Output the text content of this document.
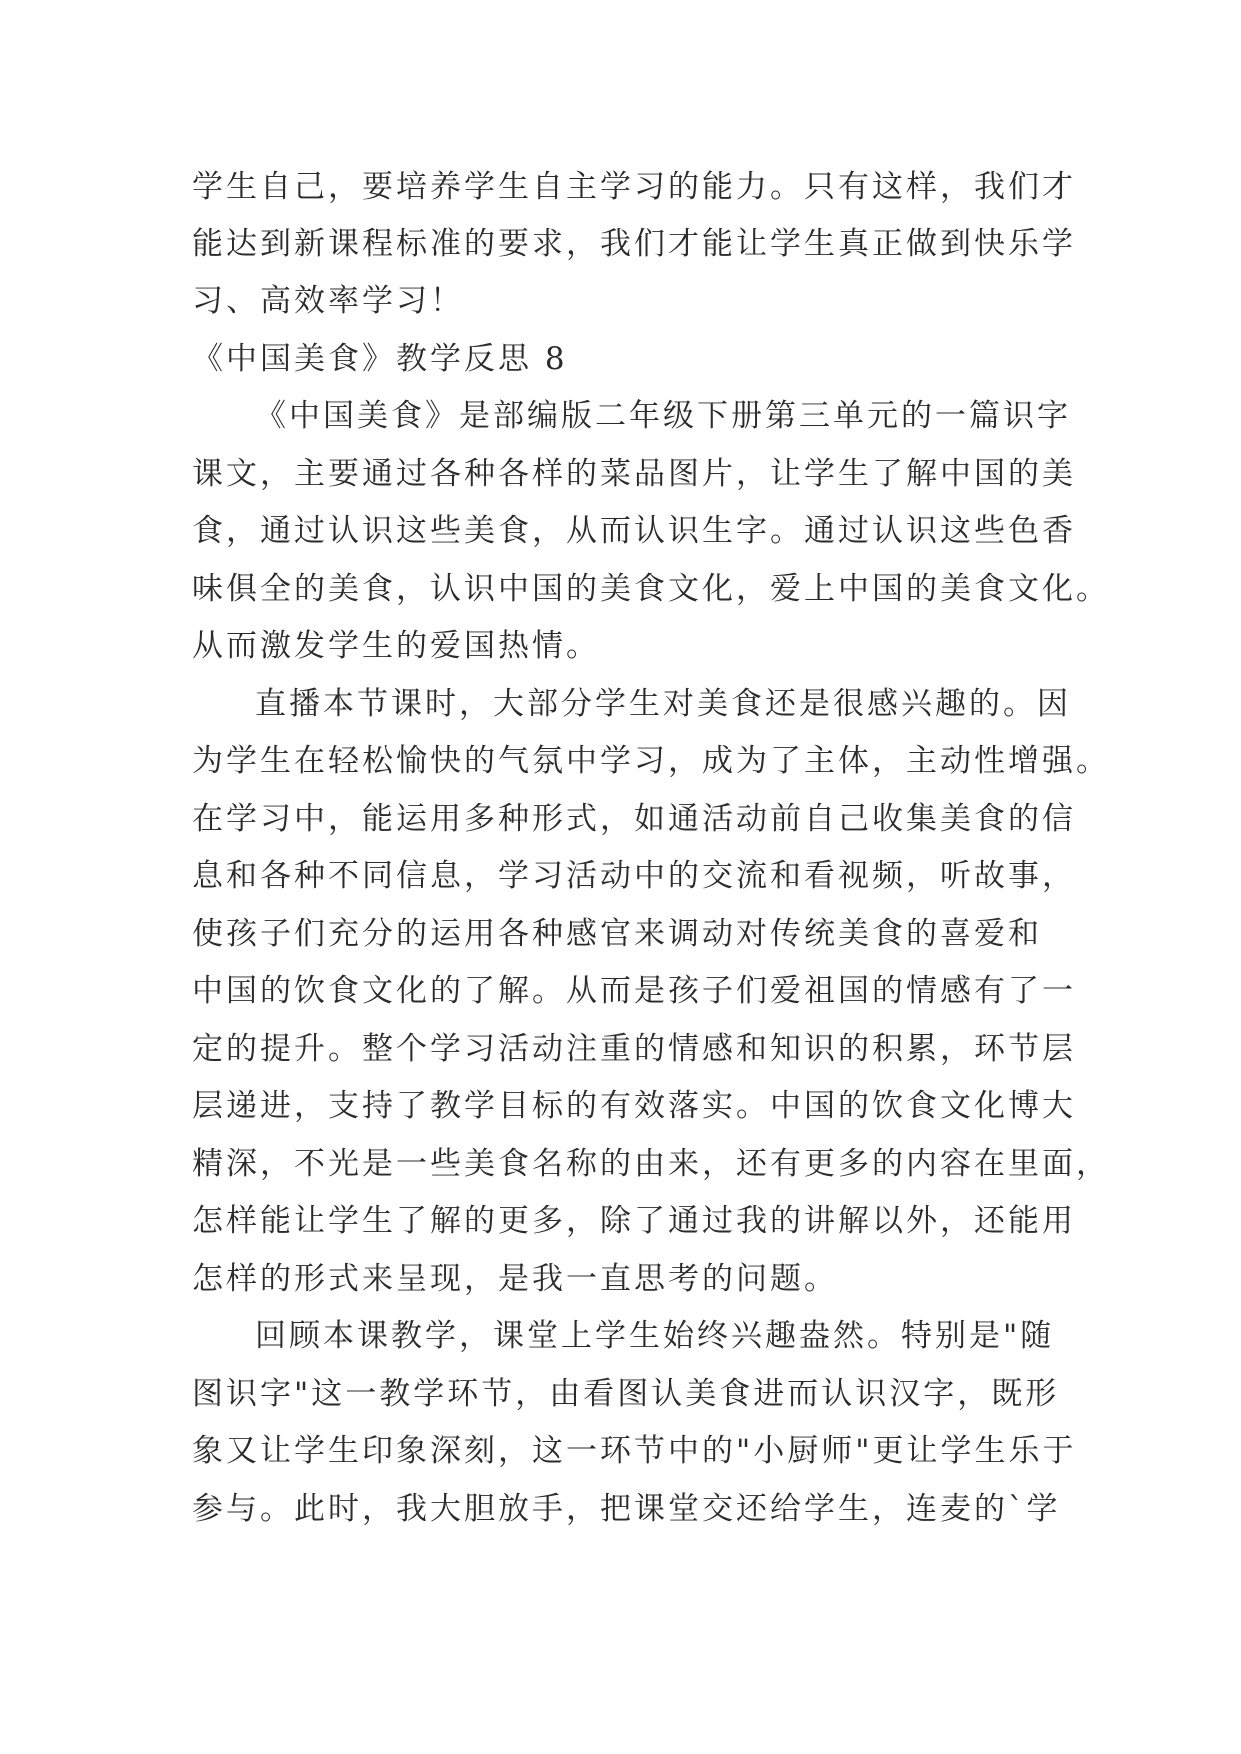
学生自己，要培养学生自主学习的能力。只有这样，我们才

能达到新课程标准的要求，我们才能让学生真正做到快乐学

习、高效率学习！

《中国美食》教学反思 8

《中国美食》是部编版二年级下册第三单元的一篇识字

课文，主要通过各种各样的菜品图片，让学生了解中国的美

食，通过认识这些美食，从而认识生字。通过认识这些色香

味俱全的美食，认识中国的美食文化，爱上中国的美食文化。

从而激发学生的爱国热情。

直播本节课时，大部分学生对美食还是很感兴趣的。因

为学生在轻松愉快的气氛中学习，成为了主体，主动性增强。

在学习中，能运用多种形式，如通活动前自己收集美食的信

息和各种不同信息，学习活动中的交流和看视频，听故事，

使孩子们充分的运用各种感官来调动对传统美食的喜爱和

中国的饮食文化的了解。从而是孩子们爱祖国的情感有了一

定的提升。整个学习活动注重的情感和知识的积累，环节层

层递进，支持了教学目标的有效落实。中国的饮食文化博大

精深，不光是一些美食名称的由来，还有更多的内容在里面，

怎样能让学生了解的更多，除了通过我的讲解以外，还能用

怎样的形式来呈现，是我一直思考的问题。

回顾本课教学，课堂上学生始终兴趣盎然。特别是"随

图识字"这一教学环节，由看图认美食进而认识汉字，既形

象又让学生印象深刻，这一环节中的"小厨师"更让学生乐于

参与。此时，我大胆放手，把课堂交还给学生，连麦的`学
